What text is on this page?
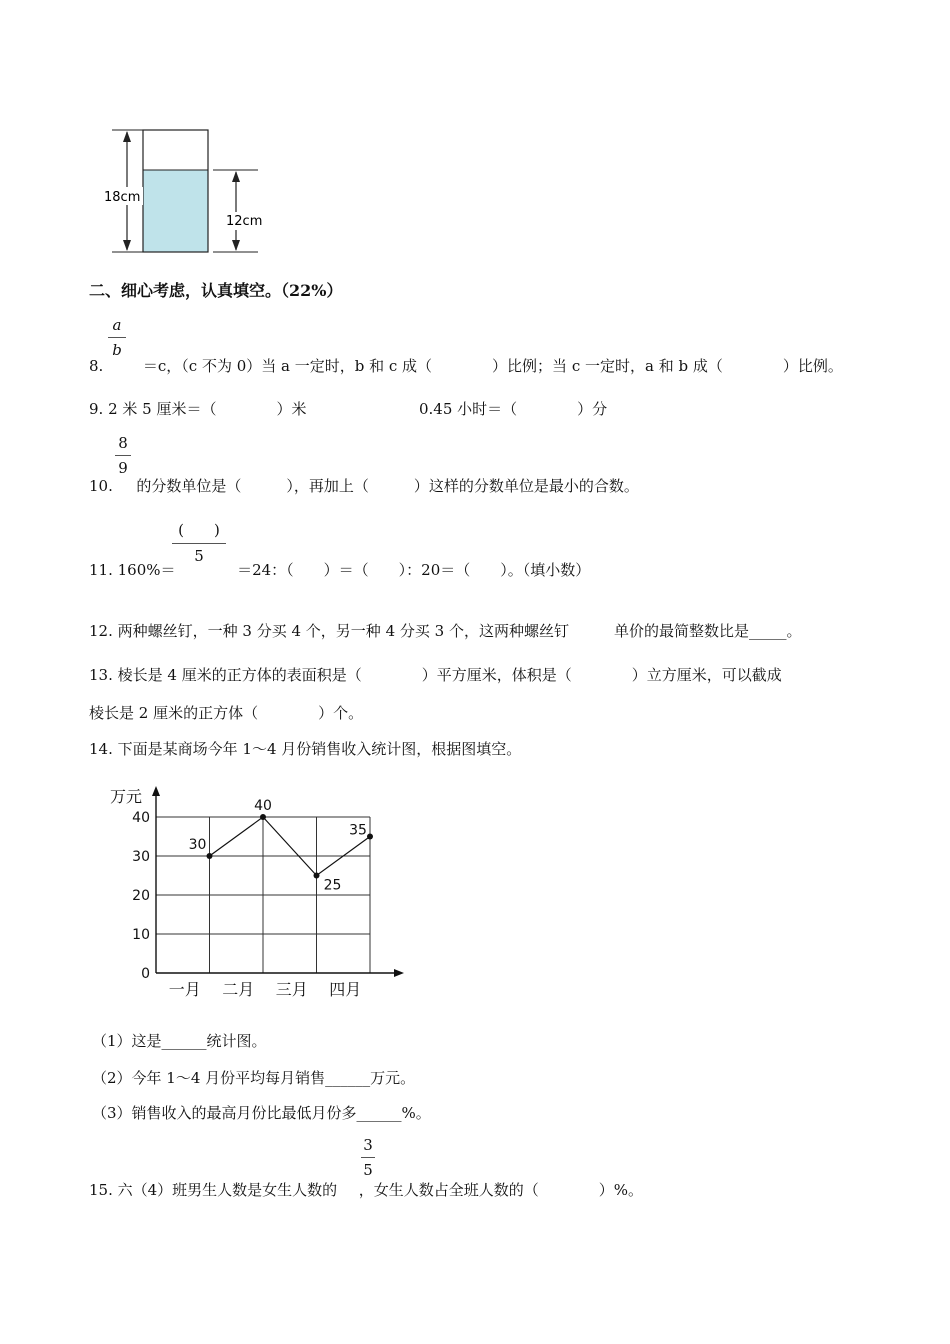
18cm
12cm
二、细心考虑，认真填空。（22%）
a
b
8.	＝c，（c 不为 0）当 a 一定时，b 和 c 成（　　　　）比例；当 c 一定时，a 和 b 成（　　　　）比例。
9. 2 米 5 厘米＝（　　　　）米	0.45 小时＝（　　　　）分
8
9
10. 的分数单位是（　　　），再加上（　　　）这样的分数单位是最小的合数。
(　　)
5
11. 160%＝	＝24：（　　）＝（　　）：20＝（　　）。（填小数）
12. 两种螺丝钉，一种 3 分买 4 个，另一种 4 分买 3 个，这两种螺丝钉　　　单价的最简整数比是_____。
13. 棱长是 4 厘米的正方体的表面积是（　　　　）平方厘米，体积是（　　　　）立方厘米，可以截成
棱长是 2 厘米的正方体（　　　　）个。
14. 下面是某商场今年 1～4 月份销售收入统计图，根据图填空。
0
10
20
30
40
一月 二月 三月 四月
万元
30
40
25
35
（1）这是______统计图。
（2）今年 1～4 月份平均每月销售______万元。
（3）销售收入的最高月份比最低月份多______%。
3
5
15. 六（4）班男生人数是女生人数的 ，女生人数占全班人数的（　　　　）%。
